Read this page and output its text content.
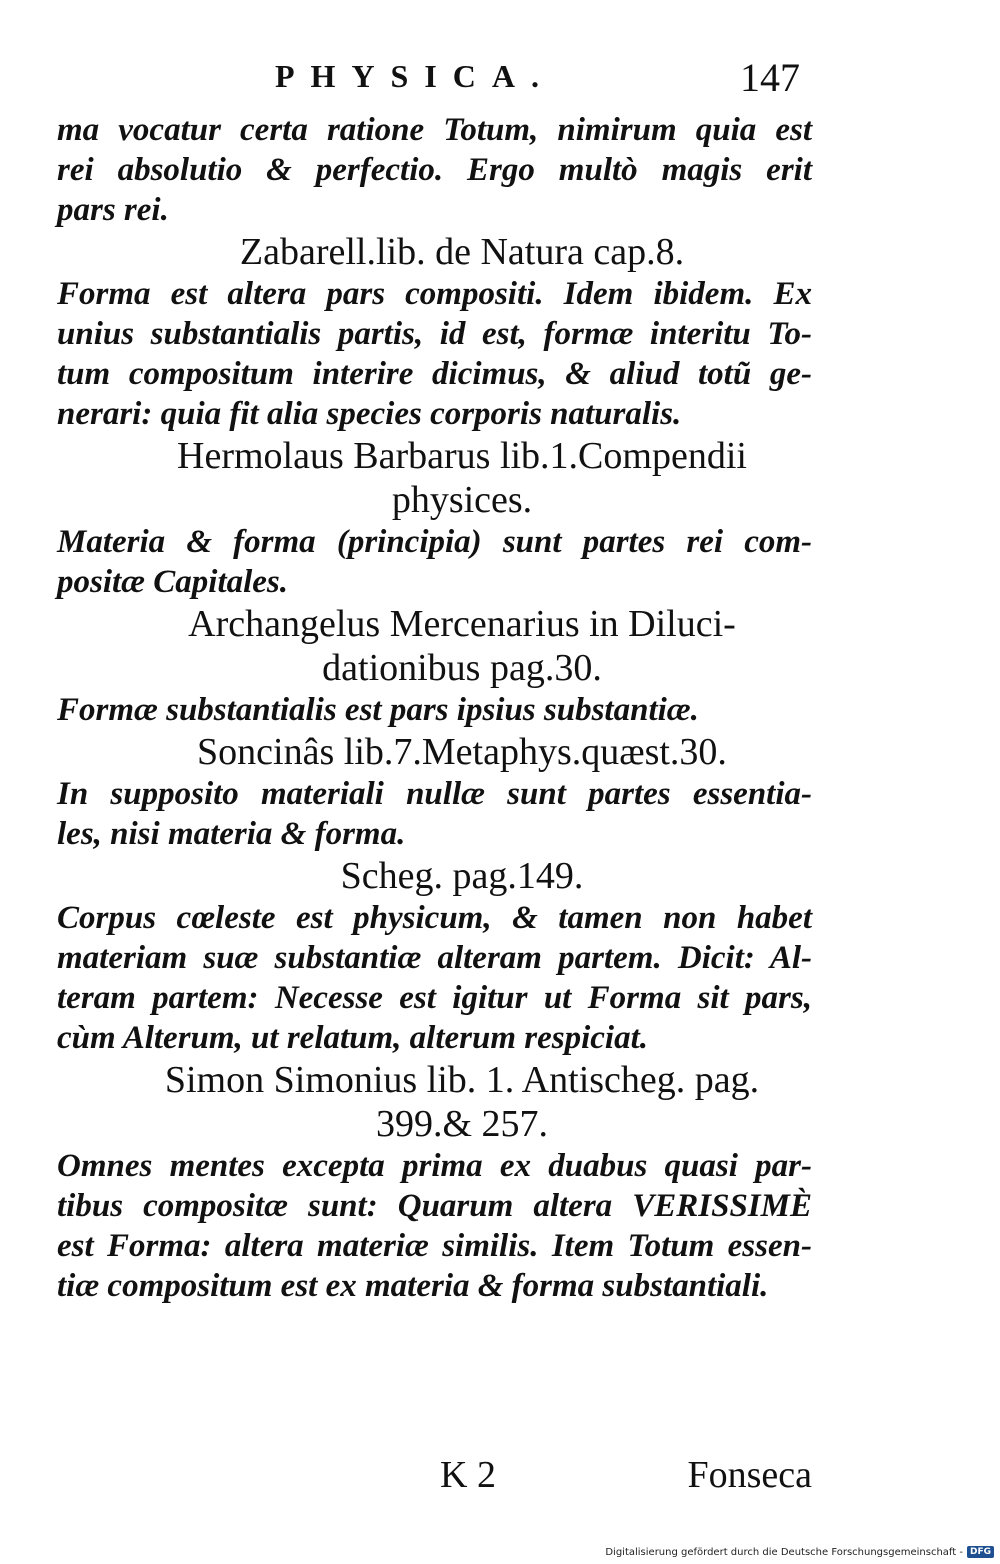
PHYSICA.	147
ma vocatur certa ratione Totum, nimirum quia est
rei absolutio & perfectio. Ergo multò magis erit
pars rei.
Zabarell.lib. de Natura cap.8.
Forma est altera pars compositi. Idem ibidem. Ex
unius substantialis partis, id est, formæ interitu To-
tum compositum interire dicimus, & aliud totũ ge-
nerari: quia fit alia species corporis naturalis.
Hermolaus Barbarus lib.1.Compendii
physices.
Materia & forma (principia) sunt partes rei com-
positæ Capitales.
Archangelus Mercenarius in Diluci-
dationibus pag.30.
Formæ substantialis est pars ipsius substantiæ.
Soncinâs lib.7.Metaphys.quæst.30.
In supposito materiali nullæ sunt partes essentia-
les, nisi materia & forma.
Scheg. pag.149.
Corpus cœleste est physicum, & tamen non habet
materiam suæ substantiæ alteram partem. Dicit: Al-
teram partem: Necesse est igitur ut Forma sit pars,
cùm Alterum, ut relatum, alterum respiciat.
Simon Simonius lib. 1. Antischeg. pag.
399.& 257.
Omnes mentes excepta prima ex duabus quasi par-
tibus compositæ sunt: Quarum altera VERISSIMÈ
est Forma: altera materiæ similis. Item Totum essen-
tiæ compositum est ex materia & forma substantiali.
K 2	Fonseca
Digitalisierung gefördert durch die Deutsche Forschungsgemeinschaft - DFG
